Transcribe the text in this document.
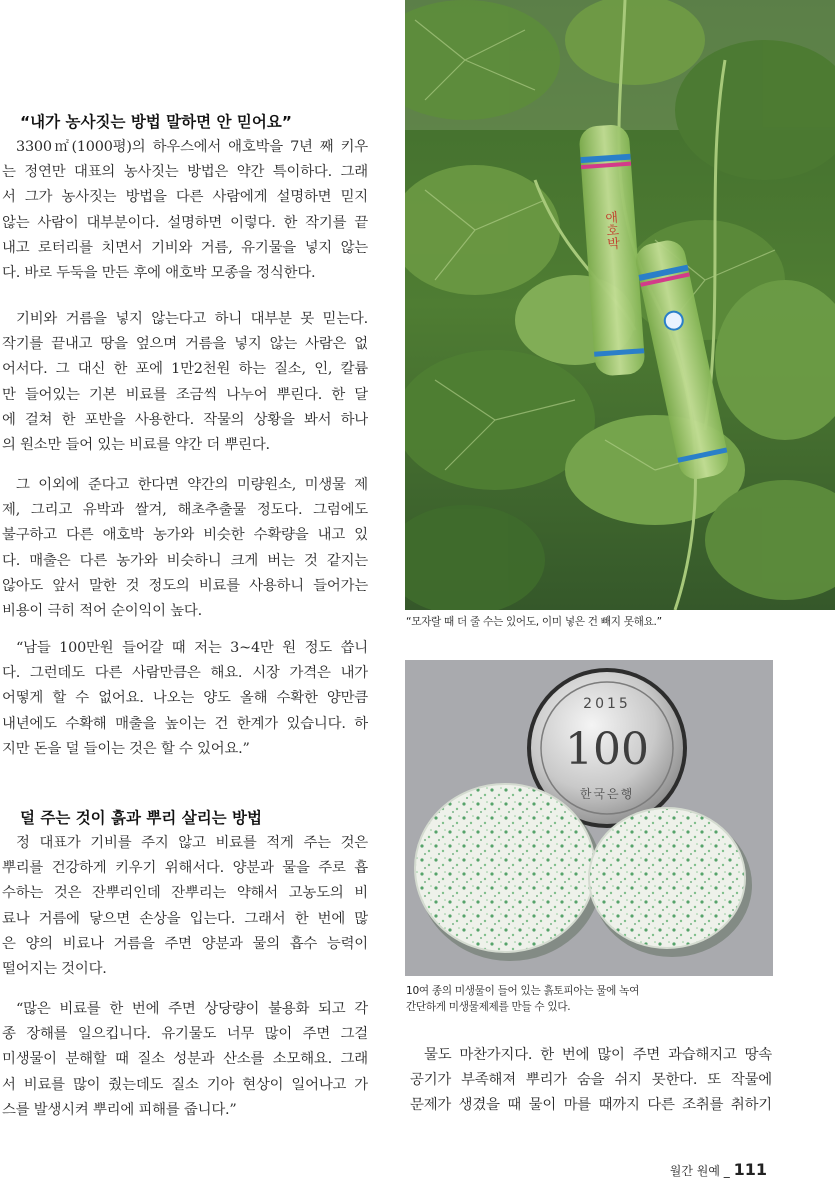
“내가 농사짓는 방법 말하면 안 믿어요”
3300㎡(1000평)의 하우스에서 애호박을 7년 째 키우
는 정연만 대표의 농사짓는 방법은 약간 특이하다. 그래
서 그가 농사짓는 방법을 다른 사람에게 설명하면 믿지
않는 사람이 대부분이다. 설명하면 이렇다. 한 작기를 끝
내고 로터리를 치면서 기비와 거름, 유기물을 넣지 않는
다. 바로 두둑을 만든 후에 애호박 모종을 정식한다.
기비와 거름을 넣지 않는다고 하니 대부분 못 믿는다.
작기를 끝내고 땅을 엎으며 거름을 넣지 않는 사람은 없
어서다. 그 대신 한 포에 1만2천원 하는 질소, 인, 칼륨
만 들어있는 기본 비료를 조금씩 나누어 뿌린다. 한 달
에 걸쳐 한 포반을 사용한다. 작물의 상황을 봐서 하나
의 원소만 들어 있는 비료를 약간 더 뿌린다.
그 이외에 준다고 한다면 약간의 미량원소, 미생물 제
제, 그리고 유박과 쌀겨, 해초추출물 정도다. 그럼에도
불구하고 다른 애호박 농가와 비슷한 수확량을 내고 있
다. 매출은 다른 농가와 비슷하니 크게 버는 것 같지는
않아도 앞서 말한 것 정도의 비료를 사용하니 들어가는
비용이 극히 적어 순이익이 높다.
“남들 100만원 들어갈 때 저는 3~4만 원 정도 씁니
다. 그런데도 다른 사람만큼은 해요. 시장 가격은 내가
어떻게 할 수 없어요. 나오는 양도 올해 수확한 양만큼
내년에도 수확해 매출을 높이는 건 한계가 있습니다. 하
지만 돈을 덜 들이는 것은 할 수 있어요.”
덜 주는 것이 흙과 뿌리 살리는 방법
정 대표가 기비를 주지 않고 비료를 적게 주는 것은
뿌리를 건강하게 키우기 위해서다. 양분과 물을 주로 흡
수하는 것은 잔뿌리인데 잔뿌리는 약해서 고농도의 비
료나 거름에 닿으면 손상을 입는다. 그래서 한 번에 많
은 양의 비료나 거름을 주면 양분과 물의 흡수 능력이
떨어지는 것이다.
“많은 비료를 한 번에 주면 상당량이 불용화 되고 각
종 장해를 일으킵니다. 유기물도 너무 많이 주면 그걸
미생물이 분해할 때 질소 성분과 산소를 소모해요. 그래
서 비료를 많이 줬는데도 질소 기아 현상이 일어나고 가
스를 발생시켜 뿌리에 피해를 줍니다.”
애호박
“모자랄 때 더 줄 수는 있어도, 이미 넣은 건 빼지 못해요.”
2015
100
한국은행
10여 종의 미생물이 들어 있는 흙토피아는 물에 녹여
간단하게 미생물제제를 만들 수 있다.
물도 마찬가지다. 한 번에 많이 주면 과습해지고 땅속
공기가 부족해져 뿌리가 숨을 쉬지 못한다. 또 작물에
문제가 생겼을 때 물이 마를 때까지 다른 조취를 취하기
월간 원예 _ 111
